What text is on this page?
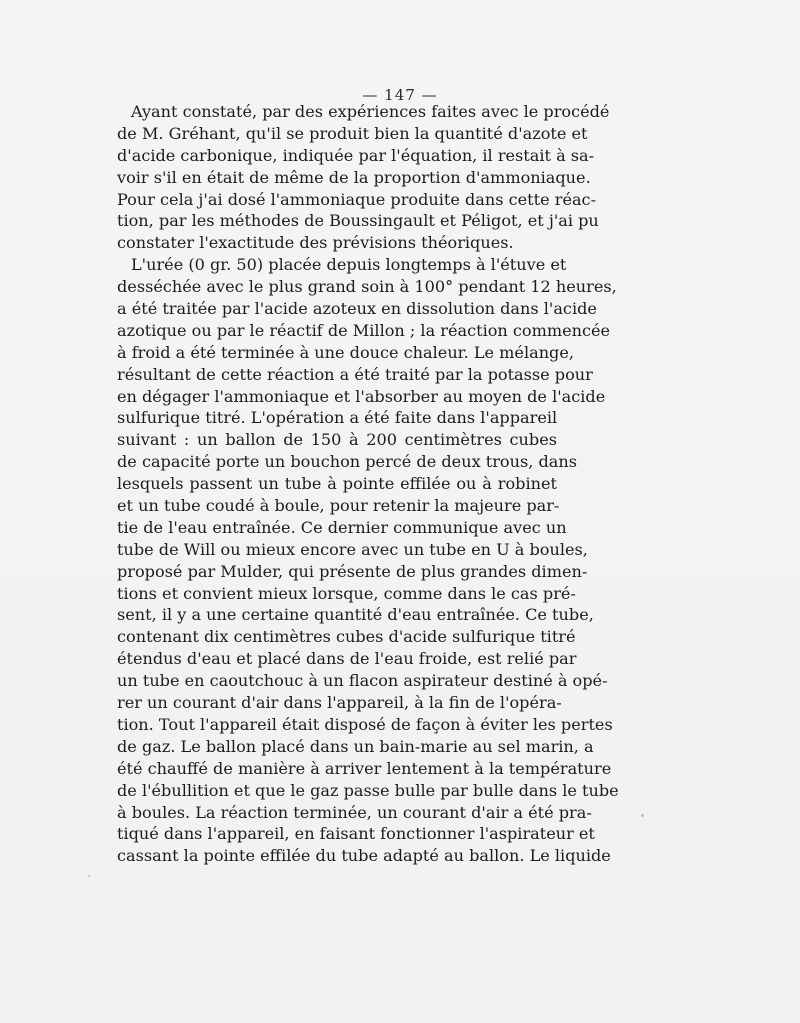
— 147 —
Ayant constaté, par des expériences faites avec le procédé
de M. Gréhant, qu'il se produit bien la quantité d'azote et
d'acide carbonique, indiquée par l'équation, il restait à sa-
voir s'il en était de même de la proportion d'ammoniaque.
Pour cela j'ai dosé l'ammoniaque produite dans cette réac-
tion, par les méthodes de Boussingault et Péligot, et j'ai pu
constater l'exactitude des prévisions théoriques.
L'urée (0 gr. 50) placée depuis longtemps à l'étuve et
desséchée avec le plus grand soin à 100° pendant 12 heures,
a été traitée par l'acide azoteux en dissolution dans l'acide
azotique ou par le réactif de Millon ; la réaction commencée
à froid a été terminée à une douce chaleur. Le mélange,
résultant de cette réaction a été traité par la potasse pour
en dégager l'ammoniaque et l'absorber au moyen de l'acide
sulfurique titré. L'opération a été faite dans l'appareil
suivant : un ballon de 150 à 200 centimètres cubes
de capacité porte un bouchon percé de deux trous, dans
lesquels passent un tube à pointe effilée ou à robinet
et un tube coudé à boule, pour retenir la majeure par-
tie de l'eau entraînée. Ce dernier communique avec un
tube de Will ou mieux encore avec un tube en U à boules,
proposé par Mulder, qui présente de plus grandes dimen-
tions et convient mieux lorsque, comme dans le cas pré-
sent, il y a une certaine quantité d'eau entraînée. Ce tube,
contenant dix centimètres cubes d'acide sulfurique titré
étendus d'eau et placé dans de l'eau froide, est relié par
un tube en caoutchouc à un flacon aspirateur destiné à opé-
rer un courant d'air dans l'appareil, à la fin de l'opéra-
tion. Tout l'appareil était disposé de façon à éviter les pertes
de gaz. Le ballon placé dans un bain-marie au sel marin, a
été chauffé de manière à arriver lentement à la température
de l'ébullition et que le gaz passe bulle par bulle dans le tube
à boules. La réaction terminée, un courant d'air a été pra-
tiqué dans l'appareil, en faisant fonctionner l'aspirateur et
cassant la pointe effilée du tube adapté au ballon. Le liquide
